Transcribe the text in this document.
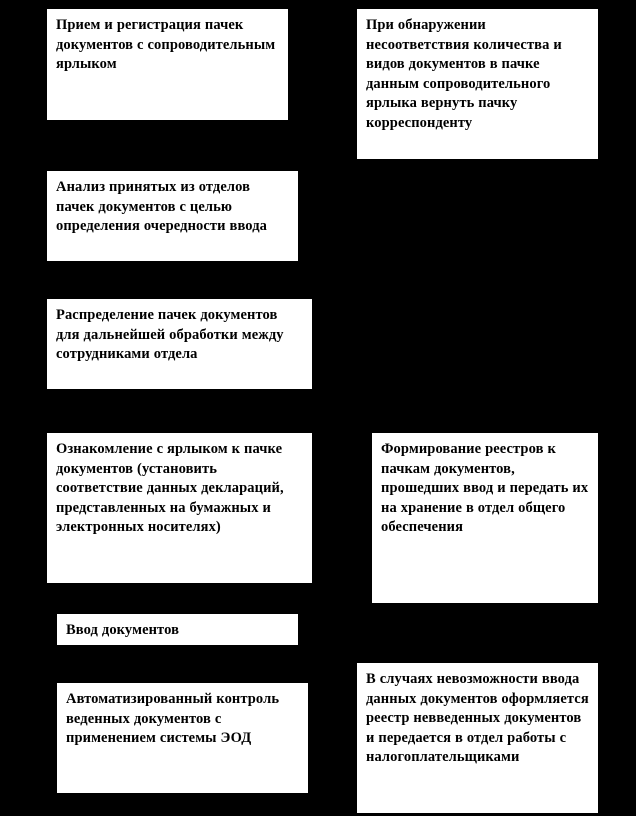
Прием и регистрация пачек документов с сопроводительным ярлыком
При обнаружении несоответствия количества и видов документов в пачке данным сопроводительного ярлыка вернуть пачку корреспонденту
Анализ принятых из отделов пачек документов с целью определения очередности ввода
Распределение пачек документов для дальнейшей обработки между сотрудниками отдела
Ознакомление с ярлыком к пачке документов (установить соответствие данных деклараций, представленных на бумажных и электронных носителях)
Формирование реестров к пачкам документов, прошедших ввод и передать их на хранение в отдел общего обеспечения
Ввод документов
Автоматизированный контроль веденных документов с применением системы ЭОД
В случаях невозможности ввода данных документов оформляется реестр невведенных документов и передается в отдел работы с налогоплательщиками
